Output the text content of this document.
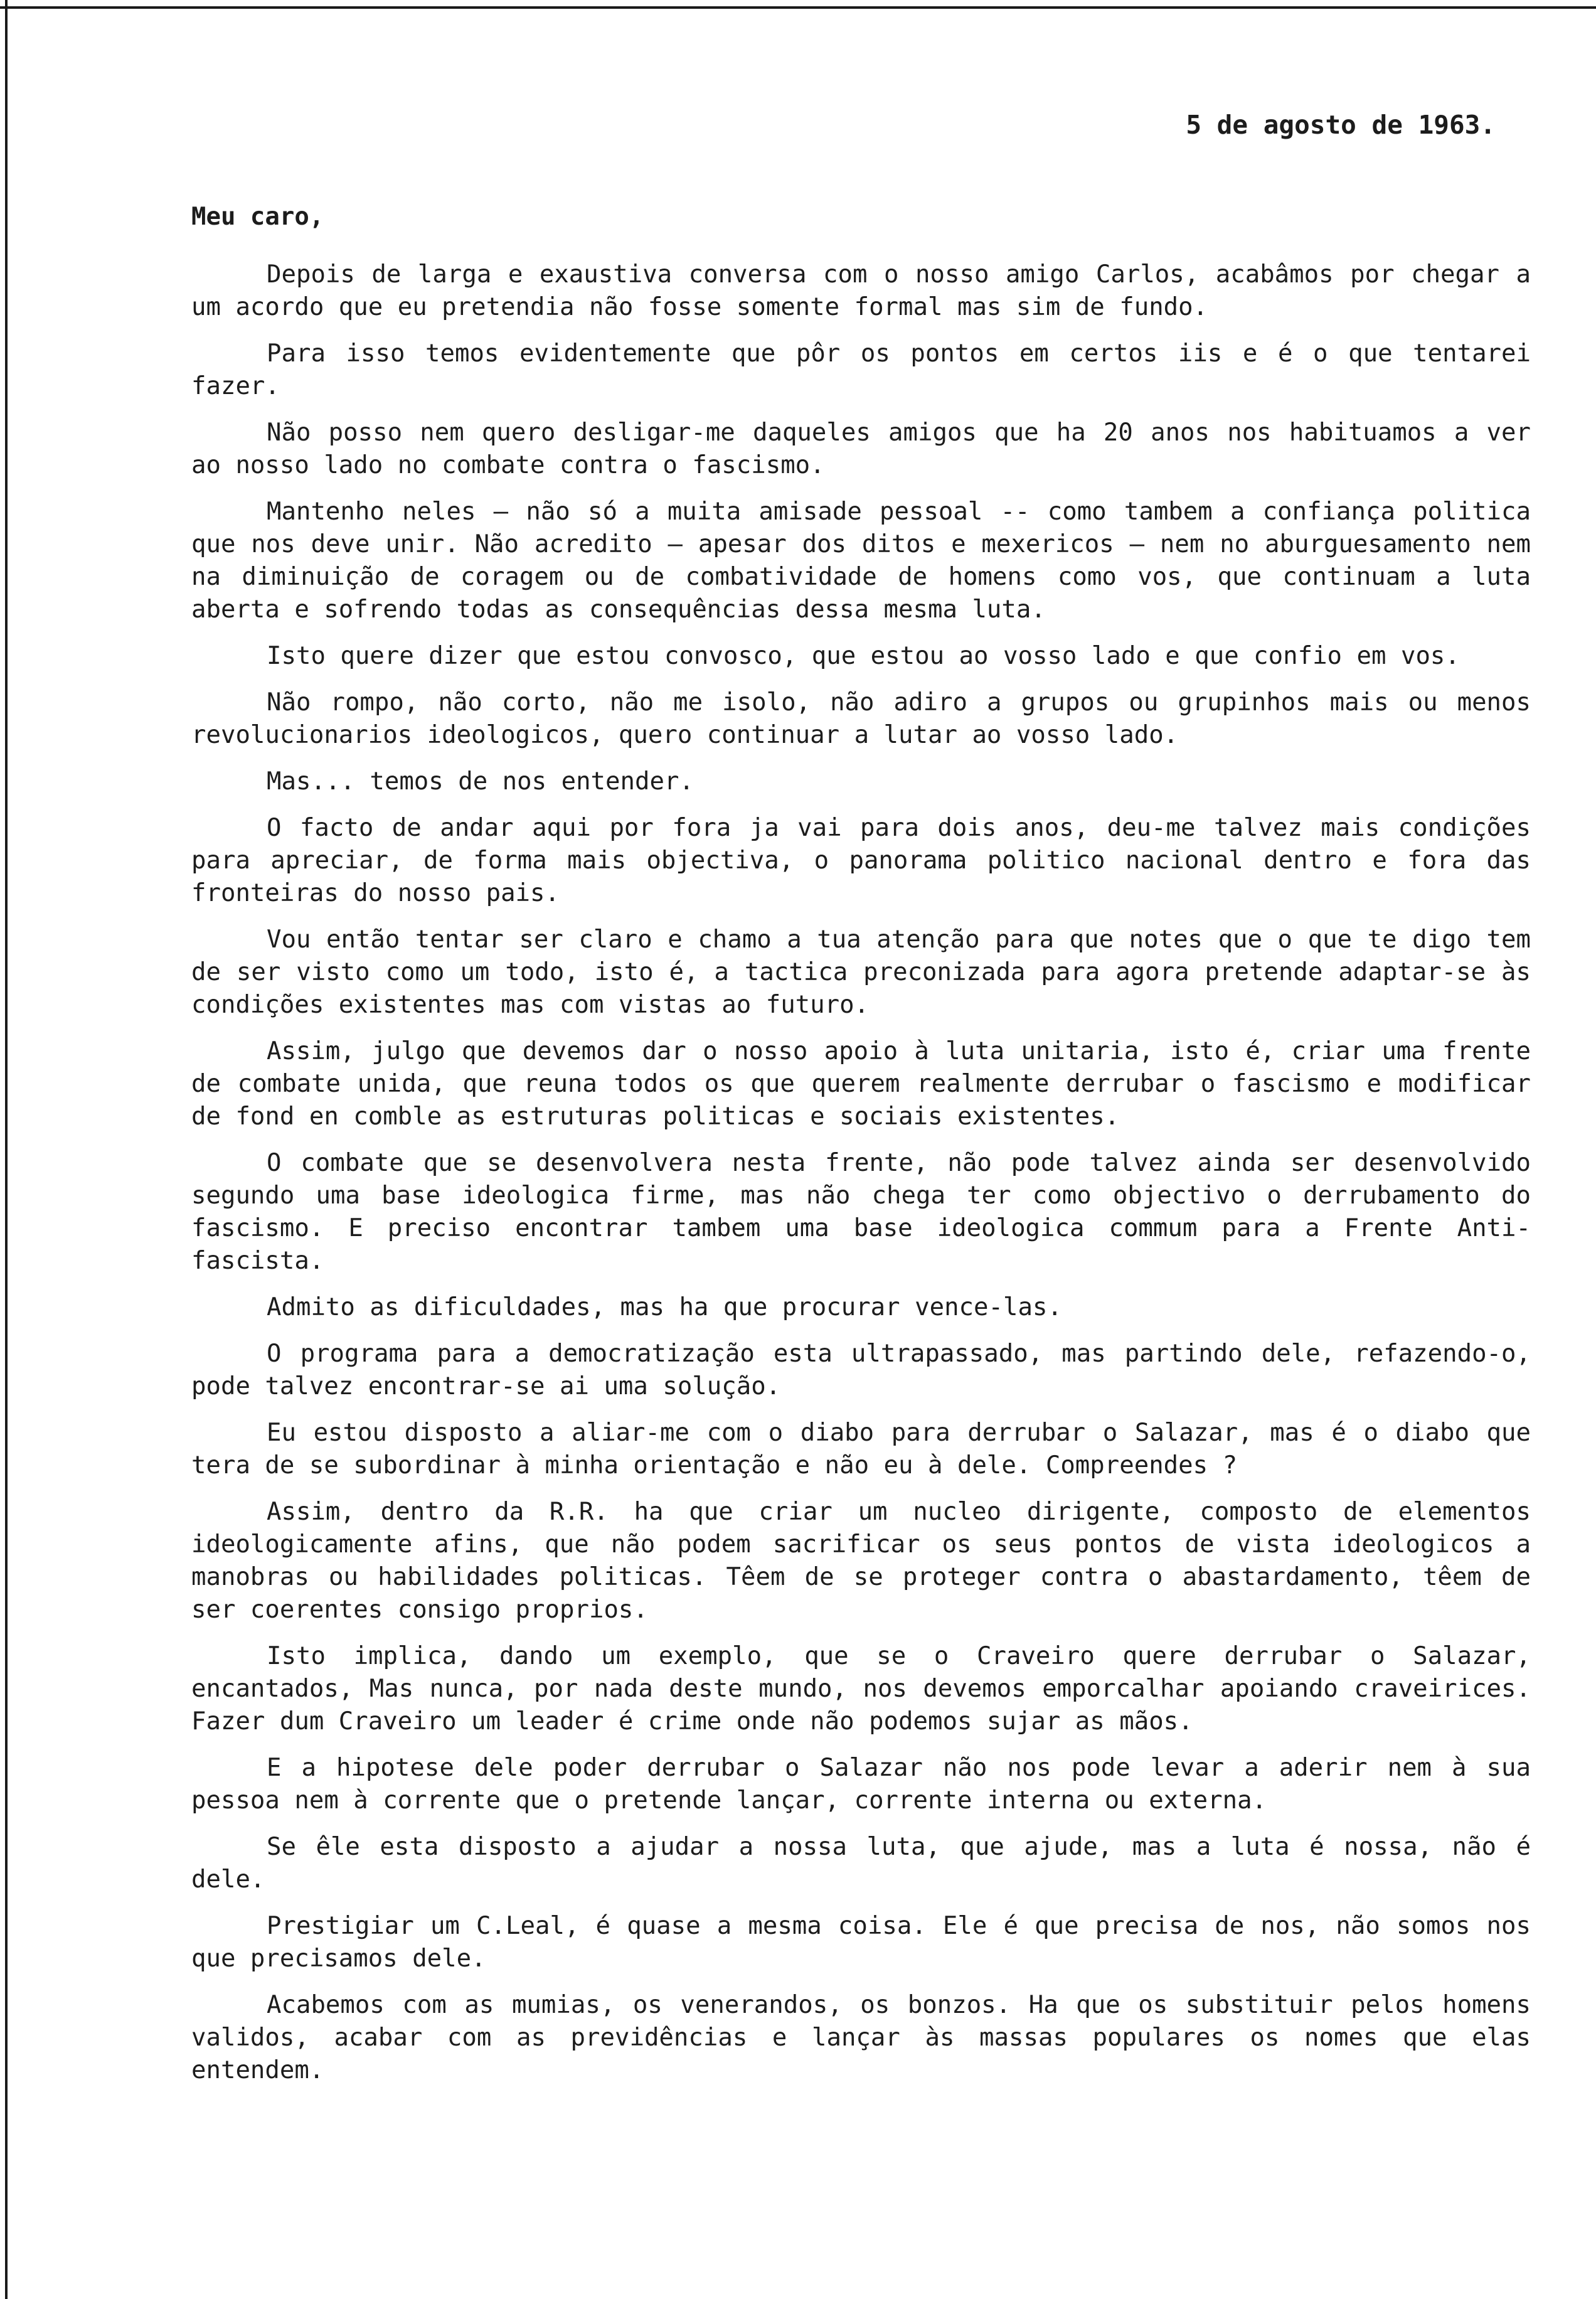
5 de agosto de 1963.
Meu caro,

Depois de larga e exaustiva conversa com o nosso amigo Carlos, acabâmos por chegar a um acordo que eu pretendia não fosse somente formal mas sim de fundo.

Para isso temos evidentemente que pôr os pontos em certos iis e é o que tentarei fazer.

Não posso nem quero desligar-me daqueles amigos que ha 20 anos nos habituamos a ver ao nosso lado no combate contra o fascismo.

Mantenho neles — não só a muita amisade pessoal -- como tambem a confiança politica que nos deve unir. Não acredito — apesar dos ditos e mexericos — nem no aburguesamento nem na diminuição de coragem ou de combatividade de homens como vos, que continuam a luta aberta e sofrendo todas as consequências dessa mesma luta.

Isto quere dizer que estou convosco, que estou ao vosso lado e que confio em vos.

Não rompo, não corto, não me isolo, não adiro a grupos ou grupinhos mais ou menos revolucionarios ideologicos, quero continuar a lutar ao vosso lado.

Mas... temos de nos entender.

O facto de andar aqui por fora ja vai para dois anos, deu-me talvez mais condições para apreciar, de forma mais objectiva, o panorama politico nacional dentro e fora das fronteiras do nosso pais.

Vou então tentar ser claro e chamo a tua atenção para que notes que o que te digo tem de ser visto como um todo, isto é, a tactica preconizada para agora pretende adaptar-se às condições existentes mas com vistas ao futuro.

Assim, julgo que devemos dar o nosso apoio à luta unitaria, isto é, criar uma frente de combate unida, que reuna todos os que querem realmente derrubar o fascismo e modificar de fond en comble as estruturas politicas e sociais existentes.

O combate que se desenvolvera nesta frente, não pode talvez ainda ser desenvolvido segundo uma base ideologica firme, mas não chega ter como objectivo o derrubamento do fascismo. E preciso encontrar tambem uma base ideologica commum para a Frente Anti-fascista.

Admito as dificuldades, mas ha que procurar vence-las.

O programa para a democratização esta ultrapassado, mas partindo dele, refazendo-o, pode talvez encontrar-se ai uma solução.

Eu estou disposto a aliar-me com o diabo para derrubar o Salazar, mas é o diabo que tera de se subordinar à minha orientação e não eu à dele. Compreendes ?

Assim, dentro da R.R. ha que criar um nucleo dirigente, composto de elementos ideologicamente afins, que não podem sacrificar os seus pontos de vista ideologicos a manobras ou habilidades politicas. Têem de se proteger contra o abastardamento, têem de ser coerentes consigo proprios.

Isto implica, dando um exemplo, que se o Craveiro quere derrubar o Salazar, encantados, Mas nunca, por nada deste mundo, nos devemos emporcalhar apoiando craveirices. Fazer dum Craveiro um leader é crime onde não podemos sujar as mãos.

E a hipotese dele poder derrubar o Salazar não nos pode levar a aderir nem à sua pessoa nem à corrente que o pretende lançar, corrente interna ou externa.

Se êle esta disposto a ajudar a nossa luta, que ajude, mas a luta é nossa, não é dele.

Prestigiar um C.Leal, é quase a mesma coisa. Ele é que precisa de nos, não somos nos que precisamos dele.

Acabemos com as mumias, os venerandos, os bonzos. Ha que os substituir pelos homens validos, acabar com as previdências e lançar às massas populares os nomes que elas entendem.
